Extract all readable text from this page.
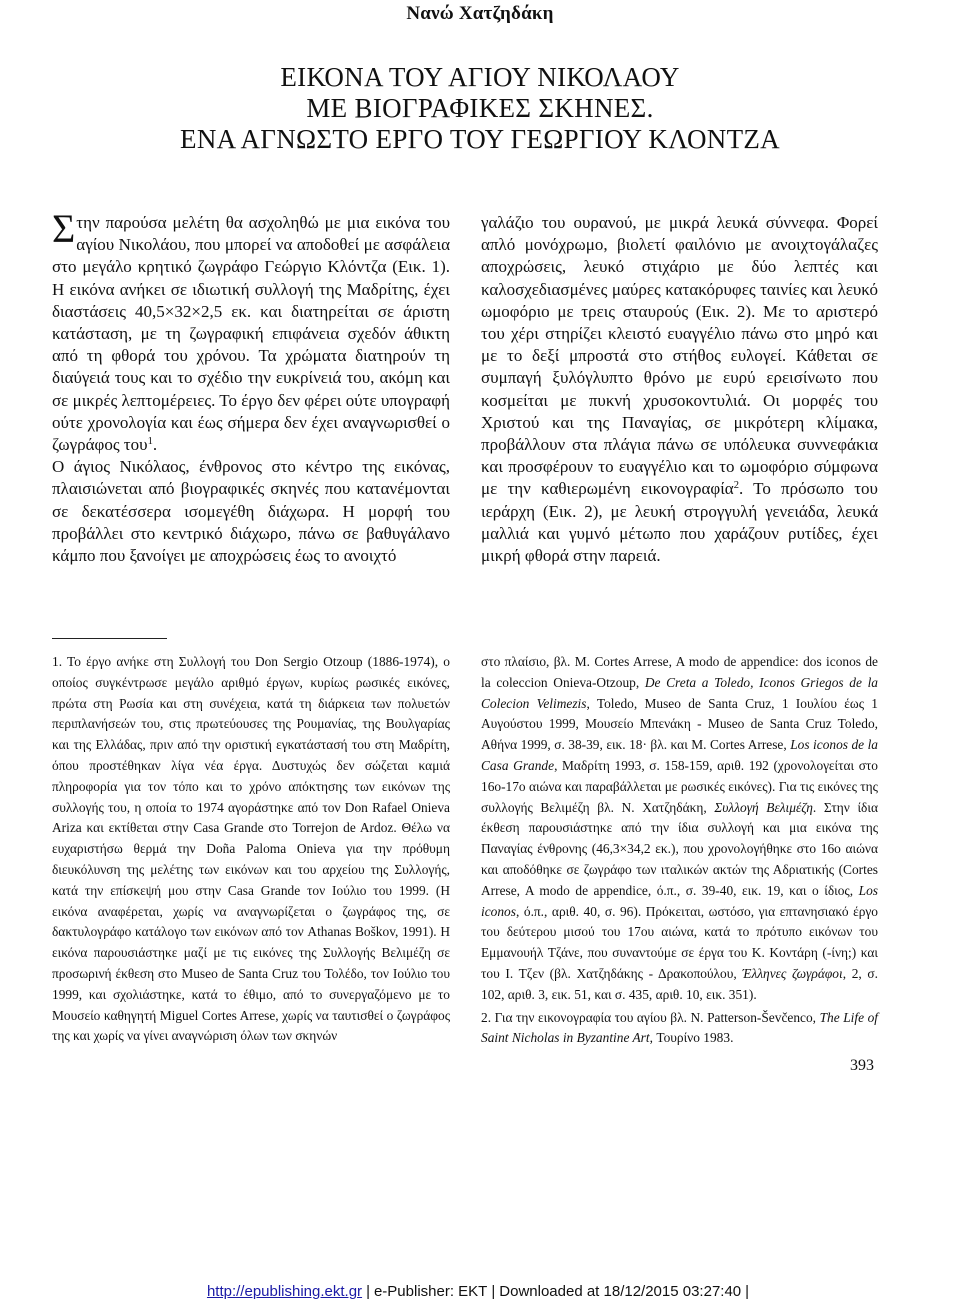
Νανώ Χατζηδάκη
ΕΙΚΟΝΑ ΤΟΥ ΑΓΙΟΥ ΝΙΚΟΛΑΟΥ
ΜΕ ΒΙΟΓΡΑΦΙΚΕΣ ΣΚΗΝΕΣ.
ΕΝΑ ΑΓΝΩΣΤΟ ΕΡΓΟ ΤΟΥ ΓΕΩΡΓΙΟΥ ΚΛΟΝΤΖΑ

Στην παρούσα μελέτη θα ασχοληθώ με μια εικόνα του αγίου Νικολάου, που μπορεί να αποδοθεί με ασφάλεια στο μεγάλο κρητικό ζωγράφο Γεώργιο Κλόντζα (Εικ. 1). Η εικόνα ανήκει σε ιδιωτική συλλογή της Μαδρίτης, έχει διαστάσεις 40,5×32×2,5 εκ. και διατηρείται σε άριστη κατάσταση, με τη ζωγραφική επιφάνεια σχεδόν άθικτη από τη φθορά του χρόνου. Τα χρώματα διατηρούν τη διαύγειά τους και το σχέδιο την ευκρίνειά του, ακόμη και σε μικρές λεπτομέρειες. Το έργο δεν φέρει ούτε υπογραφή ούτε χρονολογία και έως σήμερα δεν έχει αναγνωρισθεί ο ζωγράφος του$^1$.

Ο άγιος Νικόλαος, ένθρονος στο κέντρο της εικόνας, πλαισιώνεται από βιογραφικές σκηνές που κατανέμονται σε δεκατέσσερα ισομεγέθη διάχωρα. Η μορφή του προβάλλει στο κεντρικό διάχωρο, πάνω σε βαθυγάλανο κάμπο που ξανοίγει με αποχρώσεις έως το ανοιχτό

γαλάζιο του ουρανού, με μικρά λευκά σύννεφα. Φορεί απλό μονόχρωμο, βιολετί φαιλόνιο με ανοιχτογάλαζες αποχρώσεις, λευκό στιχάριο με δύο λεπτές και καλοσχεδιασμένες μαύρες κατακόρυφες ταινίες και λευκό ωμοφόριο με τρεις σταυρούς (Εικ. 2). Με το αριστερό του χέρι στηρίζει κλειστό ευαγγέλιο πάνω στο μηρό και με το δεξί μπροστά στο στήθος ευλογεί. Κάθεται σε συμπαγή ξυλόγλυπτο θρόνο με ευρύ ερεισίνωτο που κοσμείται με πυκνή χρυσοκοντυλιά. Οι μορφές του Χριστού και της Παναγίας, σε μικρότερη κλίμακα, προβάλλουν στα πλάγια πάνω σε υπόλευκα συννεφάκια και προσφέρουν το ευαγγέλιο και το ωμοφόριο σύμφωνα με την καθιερωμένη εικονογραφία$^2$. Το πρόσωπο του ιεράρχη (Εικ. 2), με λευκή στρογγυλή γενειάδα, λευκά μαλλιά και γυμνό μέτωπο που χαράζουν ρυτίδες, έχει μικρή φθορά στην παρειά.

1. Το έργο ανήκε στη Συλλογή του Don Sergio Otzoup (1886-1974), ο οποίος συγκέντρωσε μεγάλο αριθμό έργων, κυρίως ρωσικές εικόνες, πρώτα στη Ρωσία και στη συνέχεια, κατά τη διάρκεια των πολυετών περιπλανήσεών του, στις πρωτεύουσες της Ρουμανίας, της Βουλγαρίας και της Ελλάδας, πριν από την οριστική εγκατάστασή του στη Μαδρίτη, όπου προστέθηκαν λίγα νέα έργα. Δυστυχώς δεν σώζεται καμιά πληροφορία για τον τόπο και το χρόνο απόκτησης των εικόνων της συλλογής του, η οποία το 1974 αγοράστηκε από τον Don Rafael Onieva Ariza και εκτίθεται στην Casa Grande στο Torrejon de Ardoz. Θέλω να ευχαριστήσω θερμά την Doña Paloma Onieva για την πρόθυμη διευκόλυνση της μελέτης των εικόνων και του αρχείου της Συλλογής, κατά την επίσκεψή μου στην Casa Grande τον Ιούλιο του 1999. (Η εικόνα αναφέρεται, χωρίς να αναγνωρίζεται ο ζωγράφος της, σε δακτυλογράφο κατάλογο των εικόνων από τον Athanas Boškov, 1991). Η εικόνα παρουσιάστηκε μαζί με τις εικόνες της Συλλογής Βελιμέζη σε προσωρινή έκθεση στο Museo de Santa Cruz του Τολέδο, τον Ιούλιο του 1999, και σχολιάστηκε, κατά το έθιμο, από το συνεργαζόμενο με το Μουσείο καθηγητή Miguel Cortes Arrese, χωρίς να ταυτισθεί ο ζωγράφος της και χωρίς να γίνει αναγνώριση όλων των σκηνών

στο πλαίσιο, βλ. M. Cortes Arrese, A modo de appendice: dos iconos de la coleccion Onieva-Otzoup, De Creta a Toledo, Iconos Griegos de la Colecion Velimezis, Toledo, Museo de Santa Cruz, 1 Ιουλίου έως 1 Αυγούστου 1999, Μουσείο Μπενάκη - Museo de Santa Cruz Toledo, Αθήνα 1999, σ. 38-39, εικ. 18· βλ. και M. Cortes Arrese, Los iconos de la Casa Grande, Μαδρίτη 1993, σ. 158-159, αριθ. 192 (χρονολογείται στο 16ο-17ο αιώνα και παραβάλλεται με ρωσικές εικόνες). Για τις εικόνες της συλλογής Βελιμέζη βλ. Ν. Χατζηδάκη, Συλλογή Βελιμέζη. Στην ίδια έκθεση παρουσιάστηκε από την ίδια συλλογή και μια εικόνα της Παναγίας ένθρονης (46,3×34,2 εκ.), που χρονολογήθηκε στο 16ο αιώνα και αποδόθηκε σε ζωγράφο των ιταλικών ακτών της Αδριατικής (Cortes Arrese, A modo de appendice, ό.π., σ. 39-40, εικ. 19, και ο ίδιος, Los iconos, ό.π., αριθ. 40, σ. 96). Πρόκειται, ωστόσο, για επτανησιακό έργο του δεύτερου μισού του 17ου αιώνα, κατά το πρότυπο εικόνων του Εμμανουήλ Τζάνε, που συναντούμε σε έργα του Κ. Κοντάρη (-ίνη;) και του Ι. Τζεν (βλ. Χατζηδάκης - Δρακοπούλου, Έλληνες ζωγράφοι, 2, σ. 102, αριθ. 3, εικ. 51, και σ. 435, αριθ. 10, εικ. 351).

2. Για την εικονογραφία του αγίου βλ. N. Patterson-Ševčenco, The Life of Saint Nicholas in Byzantine Art, Τουρίνο 1983.

393
http://epublishing.ekt.gr | e-Publisher: EKT | Downloaded at 18/12/2015 03:27:40 |
